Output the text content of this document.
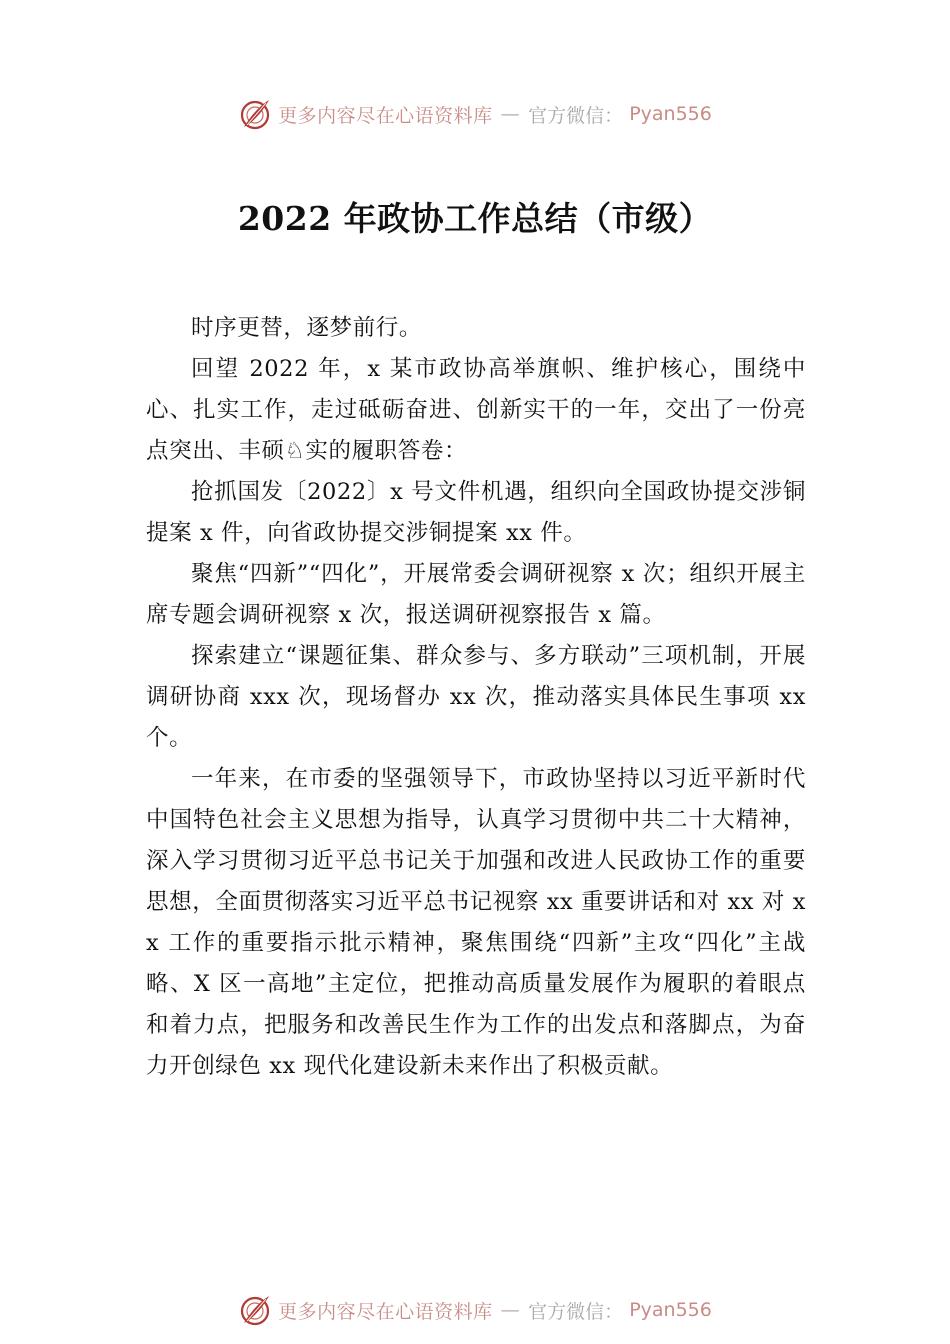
更多内容尽在心语资料库 — 官方微信： Pyan556
2022 年政协工作总结（市级）

时序更替，逐梦前行。

回望 2022 年，x 某市政协高举旗帜、维护核心，围绕中心、扎实工作，走过砥砺奋进、创新实干的一年，交出了一份亮点突出、丰硕♘实的履职答卷：

抢抓国发〔2022〕x 号文件机遇，组织向全国政协提交涉铜提案 x 件，向省政协提交涉铜提案 xx 件。

聚焦“四新”“四化”，开展常委会调研视察 x 次；组织开展主席专题会调研视察 x 次，报送调研视察报告 x 篇。

探索建立“课题征集、群众参与、多方联动”三项机制，开展调研协商 xxx 次，现场督办 xx 次，推动落实具体民生事项 xx 个。

一年来，在市委的坚强领导下，市政协坚持以习近平新时代中国特色社会主义思想为指导，认真学习贯彻中共二十大精神，深入学习贯彻习近平总书记关于加强和改进人民政协工作的重要思想，全面贯彻落实习近平总书记视察 xx 重要讲话和对 xx 对 xx 工作的重要指示批示精神，聚焦围绕“四新”主攻“四化”主战略、X 区一高地”主定位，把推动高质量发展作为履职的着眼点和着力点，把服务和改善民生作为工作的出发点和落脚点，为奋力开创绿色 xx 现代化建设新未来作出了积极贡献。

更多内容尽在心语资料库 — 官方微信： Pyan556
